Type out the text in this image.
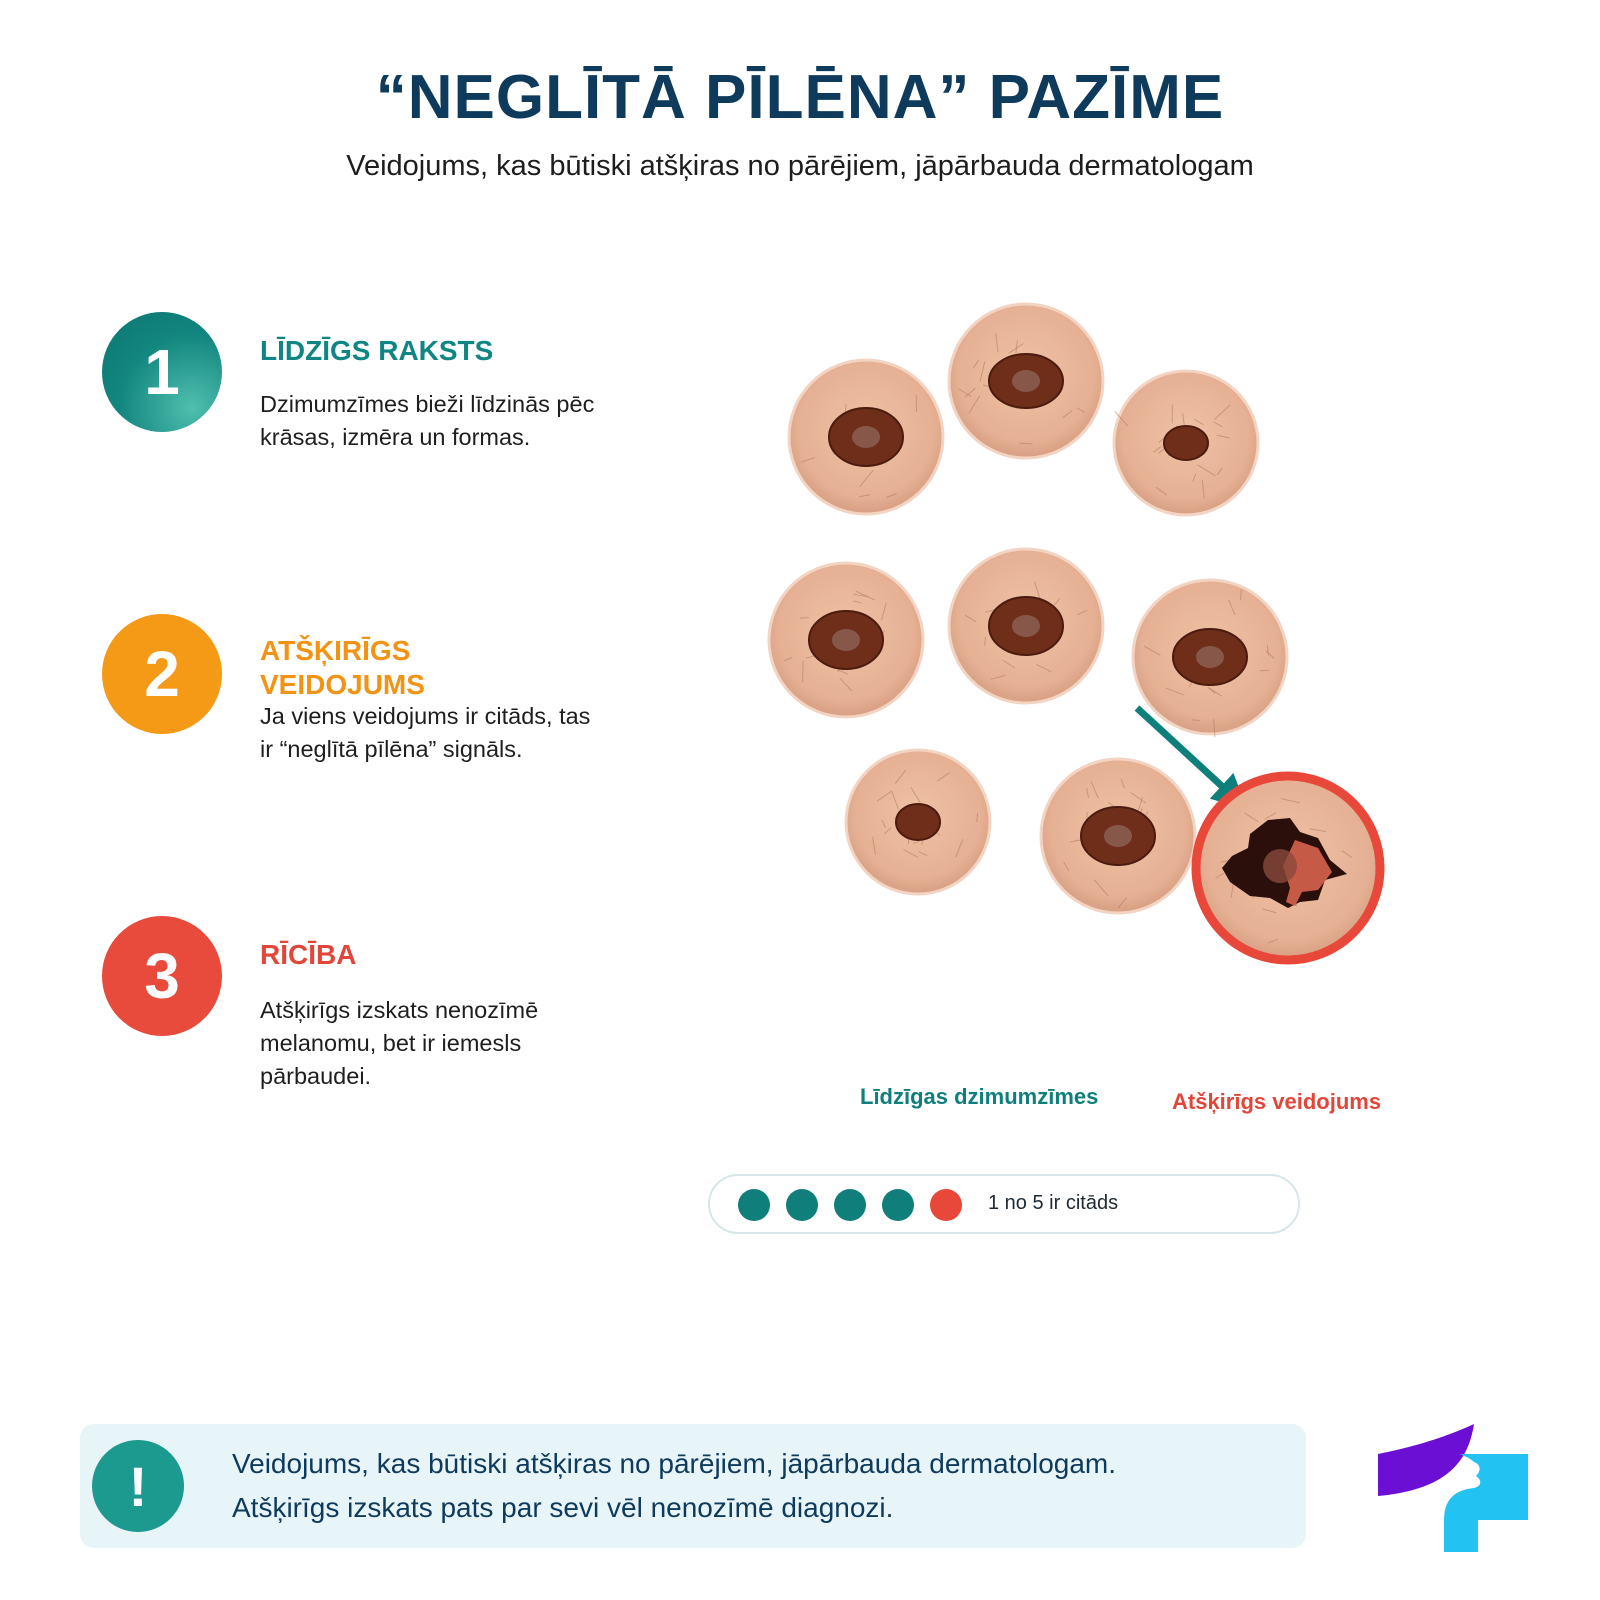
“NEGLĪTĀ PĪLĒNA” PAZĪME
Veidojums, kas būtiski atšķiras no pārējiem, jāpārbauda dermatologam
1	LĪDZĪGS RAKSTS
Dzimumzīmes bieži līdzinās pēc krāsas, izmēra un formas.
2	ATŠĶIRĪGS VEIDOJUMS
Ja viens veidojums ir citāds, tas ir “neglītā pīlēna” signāls.
3	RĪCĪBA
Atšķirīgs izskats nenozīmē melanomu, bet ir iemesls pārbaudei.
Līdzīgas dzimumzīmes	Atšķirīgs veidojums
1 no 5 ir citāds
!	Veidojums, kas būtiski atšķiras no pārējiem, jāpārbauda dermatologam.
Atšķirīgs izskats pats par sevi vēl nenozīmē diagnozi.
